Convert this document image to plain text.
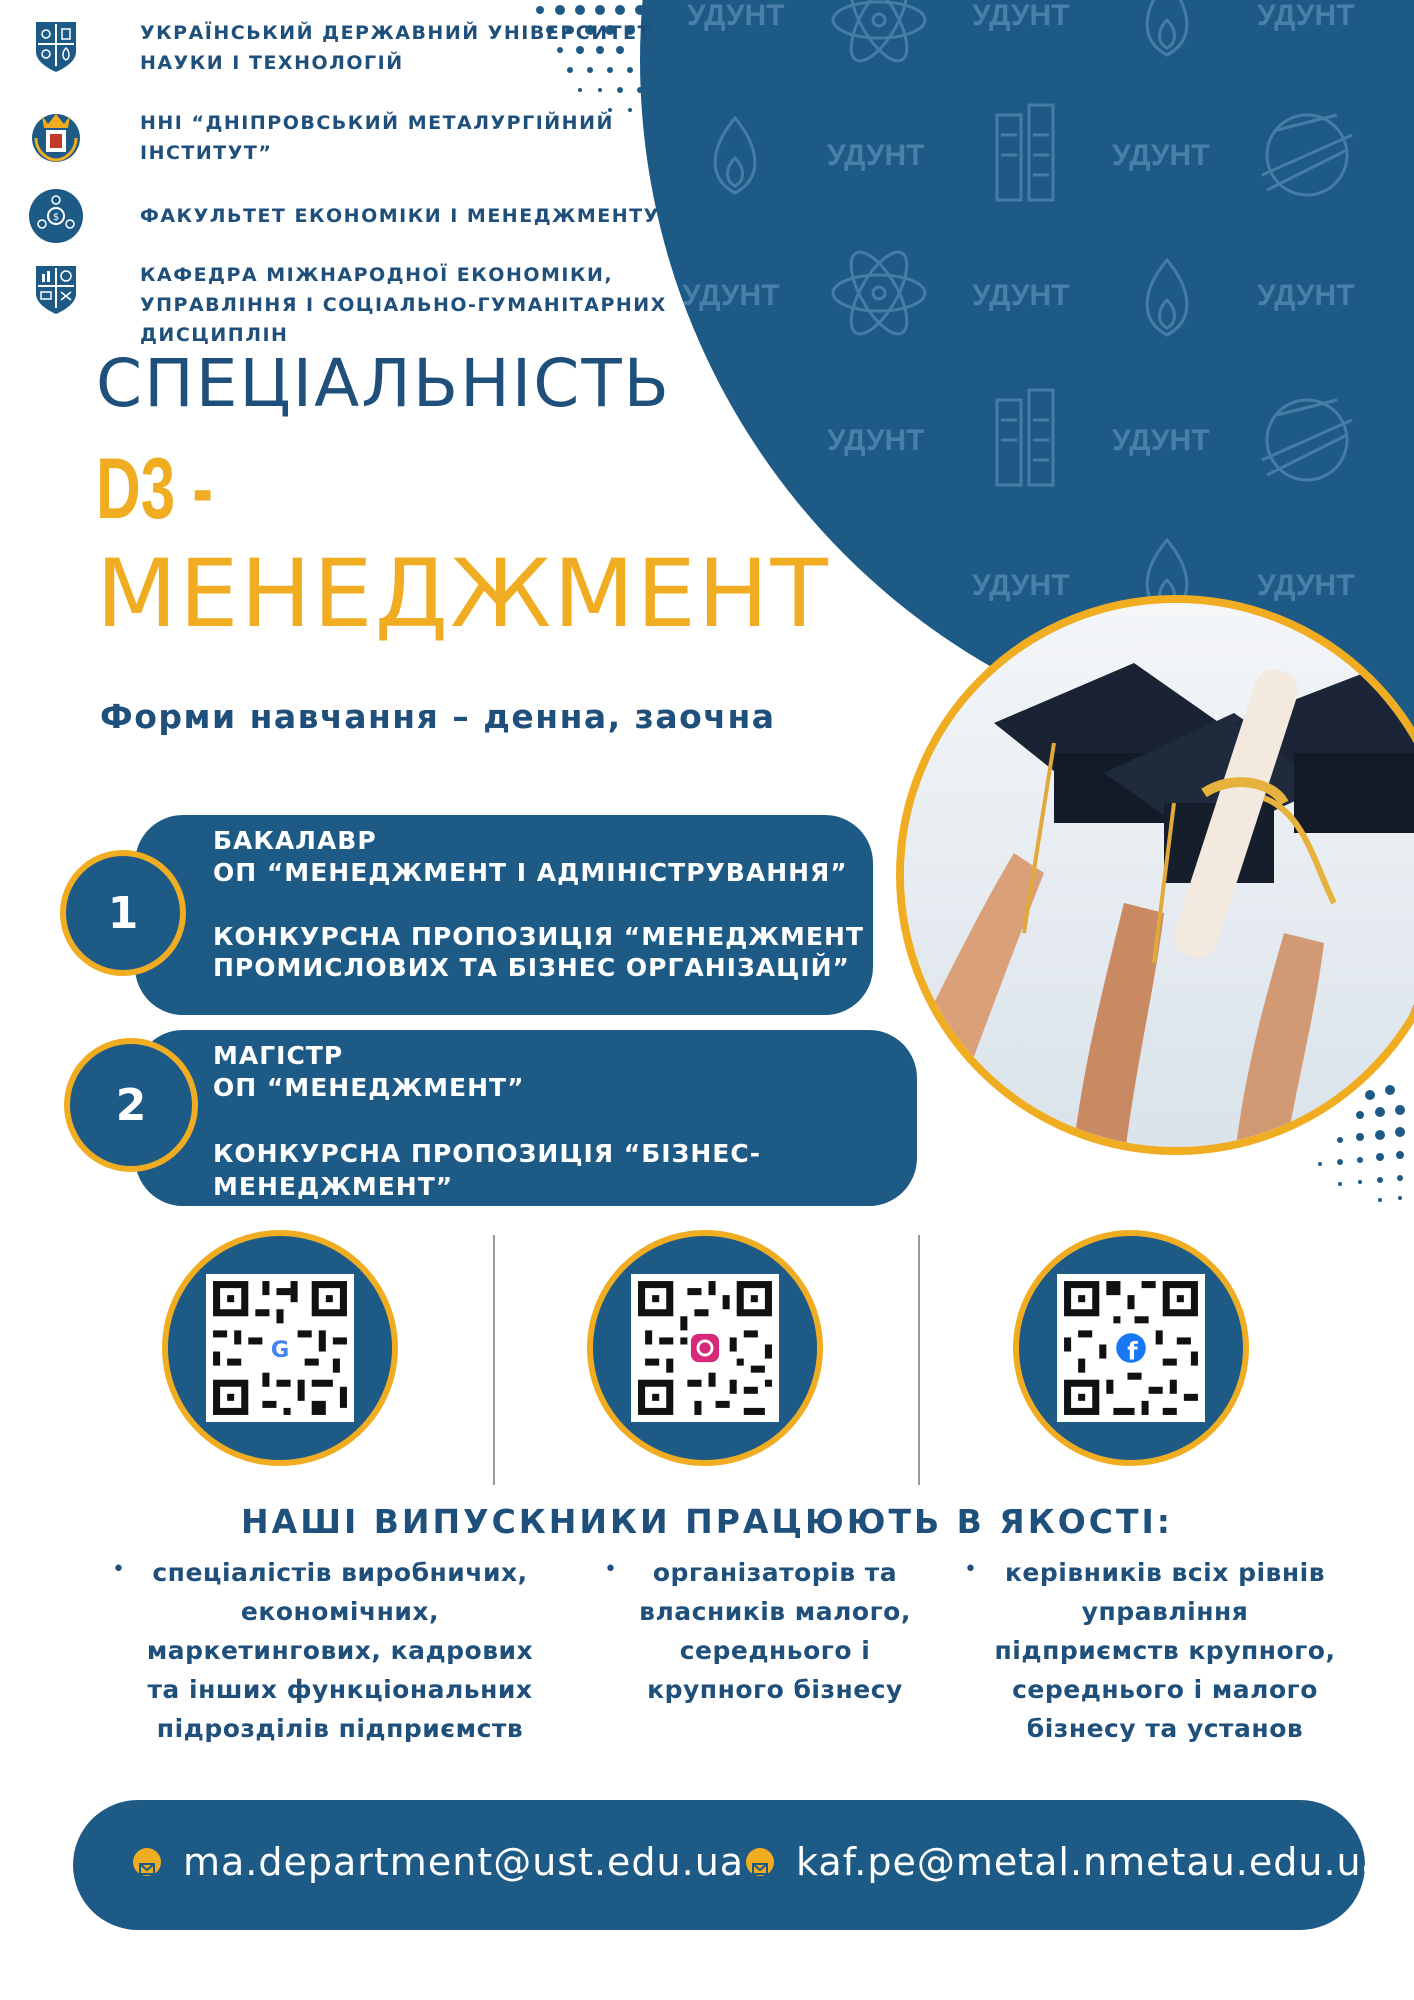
УДУНТ	УДУНТ	УДУНТ
УДУНТ	УДУНТ
УДУНТ	УДУНТ	УДУНТ
УДУНТ	УДУНТ
УДУНТ	УДУНТ
УКРАЇНСЬКИЙ ДЕРЖАВНИЙ УНІВЕРСИТЕТ
НАУКИ І ТЕХНОЛОГІЙ
ННІ “ДНІПРОВСЬКИЙ МЕТАЛУРГІЙНИЙ
ІНСТИТУТ”
$	ФАКУЛЬТЕТ ЕКОНОМІКИ І МЕНЕДЖМЕНТУ
КАФЕДРА МІЖНАРОДНОЇ ЕКОНОМІКИ,
УПРАВЛІННЯ І СОЦІАЛЬНО-ГУМАНІТАРНИХ
ДИСЦИПЛІН
СПЕЦІАЛЬНІСТЬ
D3 -
МЕНЕДЖМЕНТ
Форми навчання – денна, заочна
БАКАЛАВР
ОП “МЕНЕДЖМЕНТ І АДМІНІСТРУВАННЯ”
КОНКУРСНА ПРОПОЗИЦІЯ “МЕНЕДЖМЕНТ
ПРОМИСЛОВИХ ТА БІЗНЕС ОРГАНІЗАЦІЙ”
1
МАГІСТР
ОП “МЕНЕДЖМЕНТ”
КОНКУРСНА ПРОПОЗИЦІЯ “БІЗНЕС-
МЕНЕДЖМЕНТ”
2
G	f
НАШІ ВИПУСКНИКИ ПРАЦЮЮТЬ В ЯКОСТІ:
•	спеціалістів виробничих,
економічних,
маркетингових, кадрових
та інших функціональних
підрозділів підприємств
•	організаторів та
власників малого,
середнього і
крупного бізнесу
•	керівників всіх рівнів
управління
підприємств крупного,
середнього і малого
бізнесу та установ
ma.department@ust.edu.ua kaf.pe@metal.nmetau.edu.ua
